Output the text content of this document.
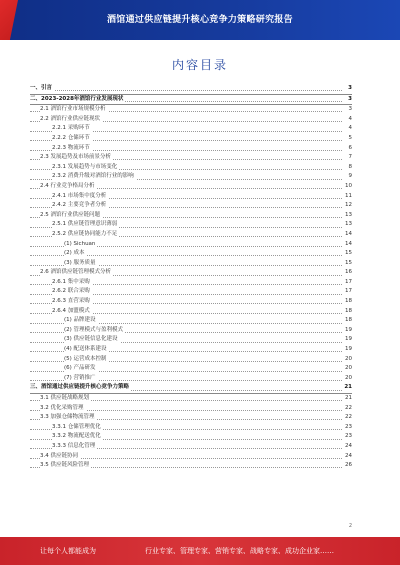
酒馆通过供应链提升核心竞争力策略研究报告
内容目录
一、引言	3
二、2023-2028年酒馆行业发展现状	3
2.1 酒馆行业市场规模分析	3
2.2 酒馆行业供应链现状	4
2.2.1 采购环节	4
2.2.2 仓储环节	5
2.2.3 物流环节	6
2.3 发展趋势及市场前景分析	7
2.3.1 发展趋势与市场变化	8
2.3.2 消费升级对酒馆行业的影响	9
2.4 行业竞争格局分析	10
2.4.1 市场集中度分析	11
2.4.2 主要竞争者分析	12
2.5 酒馆行业供应链问题	13
2.5.1 供应链管理意识薄弱	13
2.5.2 供应链协同能力不足	14
(1) Sichuan	14
(2) 成本	15
(3) 服务质量	15
2.6 酒馆供应链管理模式分析	16
2.6.1 集中采购	17
2.6.2 联合采购	17
2.6.3 直营采购	18
2.6.4 加盟模式	18
(1) 品牌建设	18
(2) 管理模式与盈利模式	19
(3) 供应链信息化建设	19
(4) 配送体系建设	19
(5) 运营成本控制	20
(6) 产品研发	20
(7) 营销推广	20
三、酒馆通过供应链提升核心竞争力策略	21
3.1 供应链战略规划	21
3.2 优化采购管理	22
3.3 加强仓储物流管理	22
3.3.1 仓储管理优化	23
3.3.2 物流配送优化	23
3.3.3 信息化管理	24
3.4 供应链协同	24
3.5 供应链风险管理	26
2
让每个人都能成为	行业专家、管理专家、营销专家、战略专家、成功企业家……
